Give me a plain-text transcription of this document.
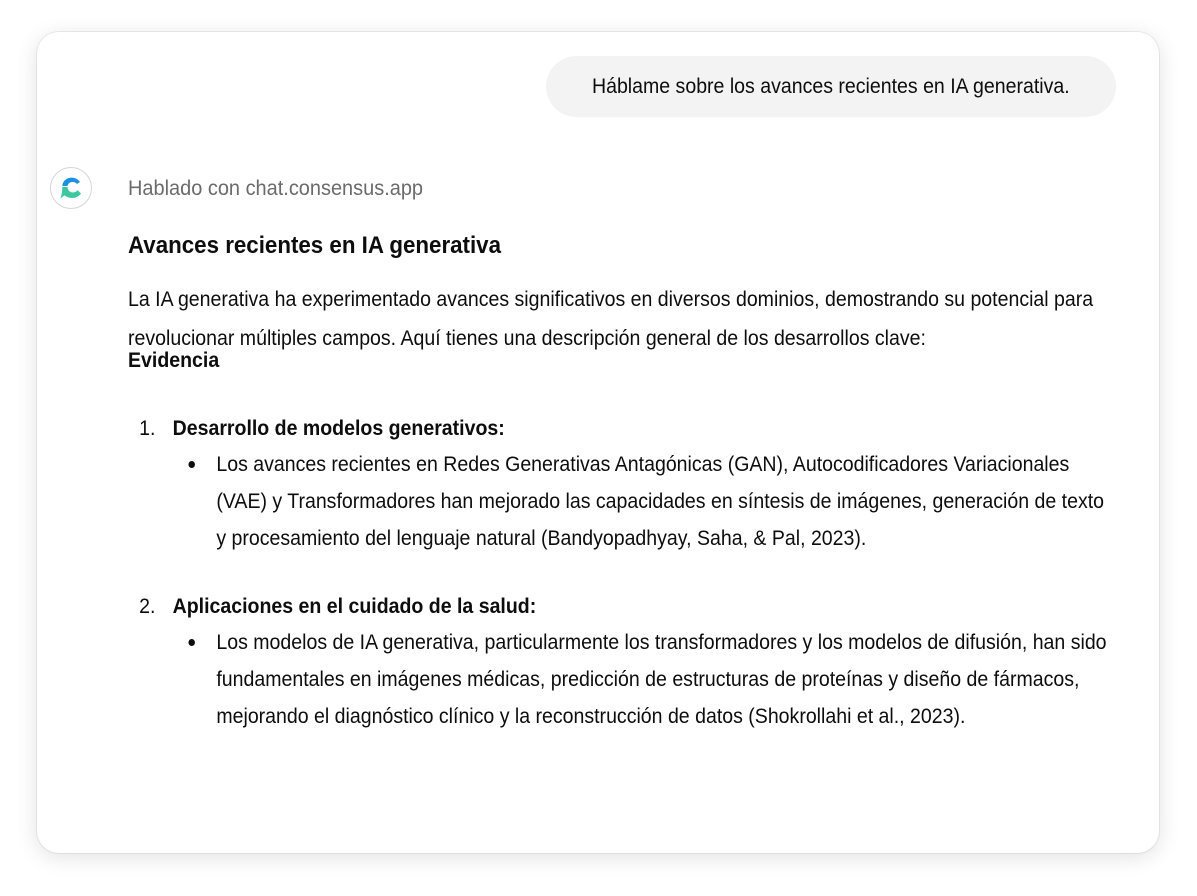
Háblame sobre los avances recientes en IA generativa.
Hablado con chat.consensus.app
Avances recientes en IA generativa

La IA generativa ha experimentado avances significativos en diversos dominios, demostrando su potencial para revolucionar múltiples campos. Aquí tienes una descripción general de los desarrollos clave:

Evidencia
1. Desarrollo de modelos generativos:
Los avances recientes en Redes Generativas Antagónicas (GAN), Autocodificadores Variacionales (VAE) y Transformadores han mejorado las capacidades en síntesis de imágenes, generación de texto y procesamiento del lenguaje natural (Bandyopadhyay, Saha, & Pal, 2023).
2. Aplicaciones en el cuidado de la salud:
Los modelos de IA generativa, particularmente los transformadores y los modelos de difusión, han sido fundamentales en imágenes médicas, predicción de estructuras de proteínas y diseño de fármacos, mejorando el diagnóstico clínico y la reconstrucción de datos (Shokrollahi et al., 2023).
